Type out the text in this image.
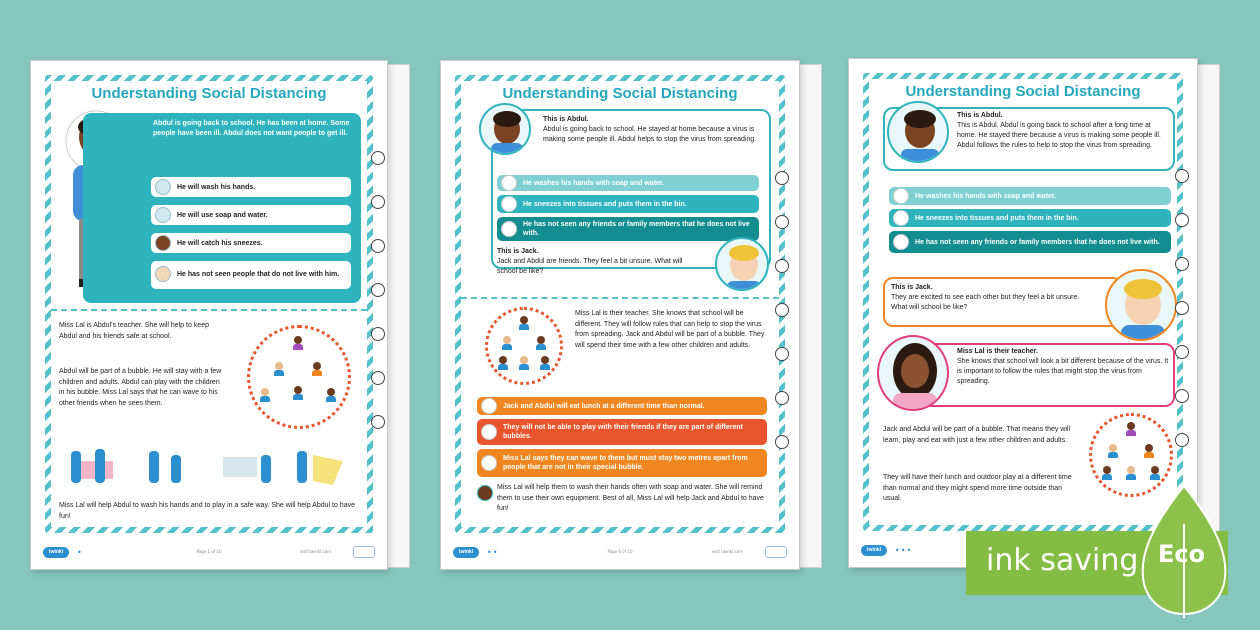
Understanding Social Distancing
Abdul is going back to school. He has been at home. Some people have been ill. Abdul does not want people to get ill.
He will wash his hands.
He will use soap and water.
He will catch his sneezes.
He has not seen people that do not live with him.
Miss Lal is Abdul's teacher. She will help to keep Abdul and his friends safe at school.
Abdul will be part of a bubble. He will stay with a few children and adults. Abdul can play with the children in his bubble. Miss Lal says that he can wave to his other friends when he sees them.
Miss Lal will help Abdul to wash his hands and to play in a safe way. She will help Abdul to have fun!
twinkl	•	Page 1 of 10	visit twinkl.com
Understanding Social Distancing
This is Abdul.
Abdul is going back to school. He stayed at home because a virus is making some people ill. Abdul helps to stop the virus from spreading.
He washes his hands with soap and water.
He sneezes into tissues and puts them in the bin.
He has not seen any friends or family members that he does not live with.
This is Jack.
Jack and Abdul are friends. They feel a bit unsure. What will school be like?
Miss Lal is their teacher. She knows that school will be different. They will follow rules that can help to stop the virus from spreading. Jack and Abdul will be part of a bubble. They will spend their time with a few other children and adults.
Jack and Abdul will eat lunch at a different time than normal.
They will not be able to play with their friends if they are part of different bubbles.
Miss Lal says they can wave to them but must stay two metres apart from people that are not in their special bubble.
Miss Lal will help them to wash their hands often with soap and water. She will remind them to use their own equipment. Best of all, Miss Lal will help Jack and Abdul to have fun!
twinkl	••	Page 6 of 10	visit twinkl.com
Understanding Social Distancing
This is Abdul.
This is Abdul. Abdul is going back to school after a long time at home. He stayed there because a virus is making some people ill. Abdul follows the rules to help to stop the virus from spreading.
He washes his hands with soap and water.
He sneezes into tissues and puts them in the bin.
He has not seen any friends or family members that he does not live with.
This is Jack.
They are excited to see each other but they feel a bit unsure. What will school be like?
Miss Lal is their teacher.
She knows that school will look a bit different because of the virus. It is important to follow the rules that might stop the virus from spreading.
Jack and Abdul will be part of a bubble. That means they will learn, play and eat with just a few other children and adults.
They will have their lunch and outdoor play at a different time than normal and they might spend more time outside than usual.
twinkl	••• ink saving Eco
